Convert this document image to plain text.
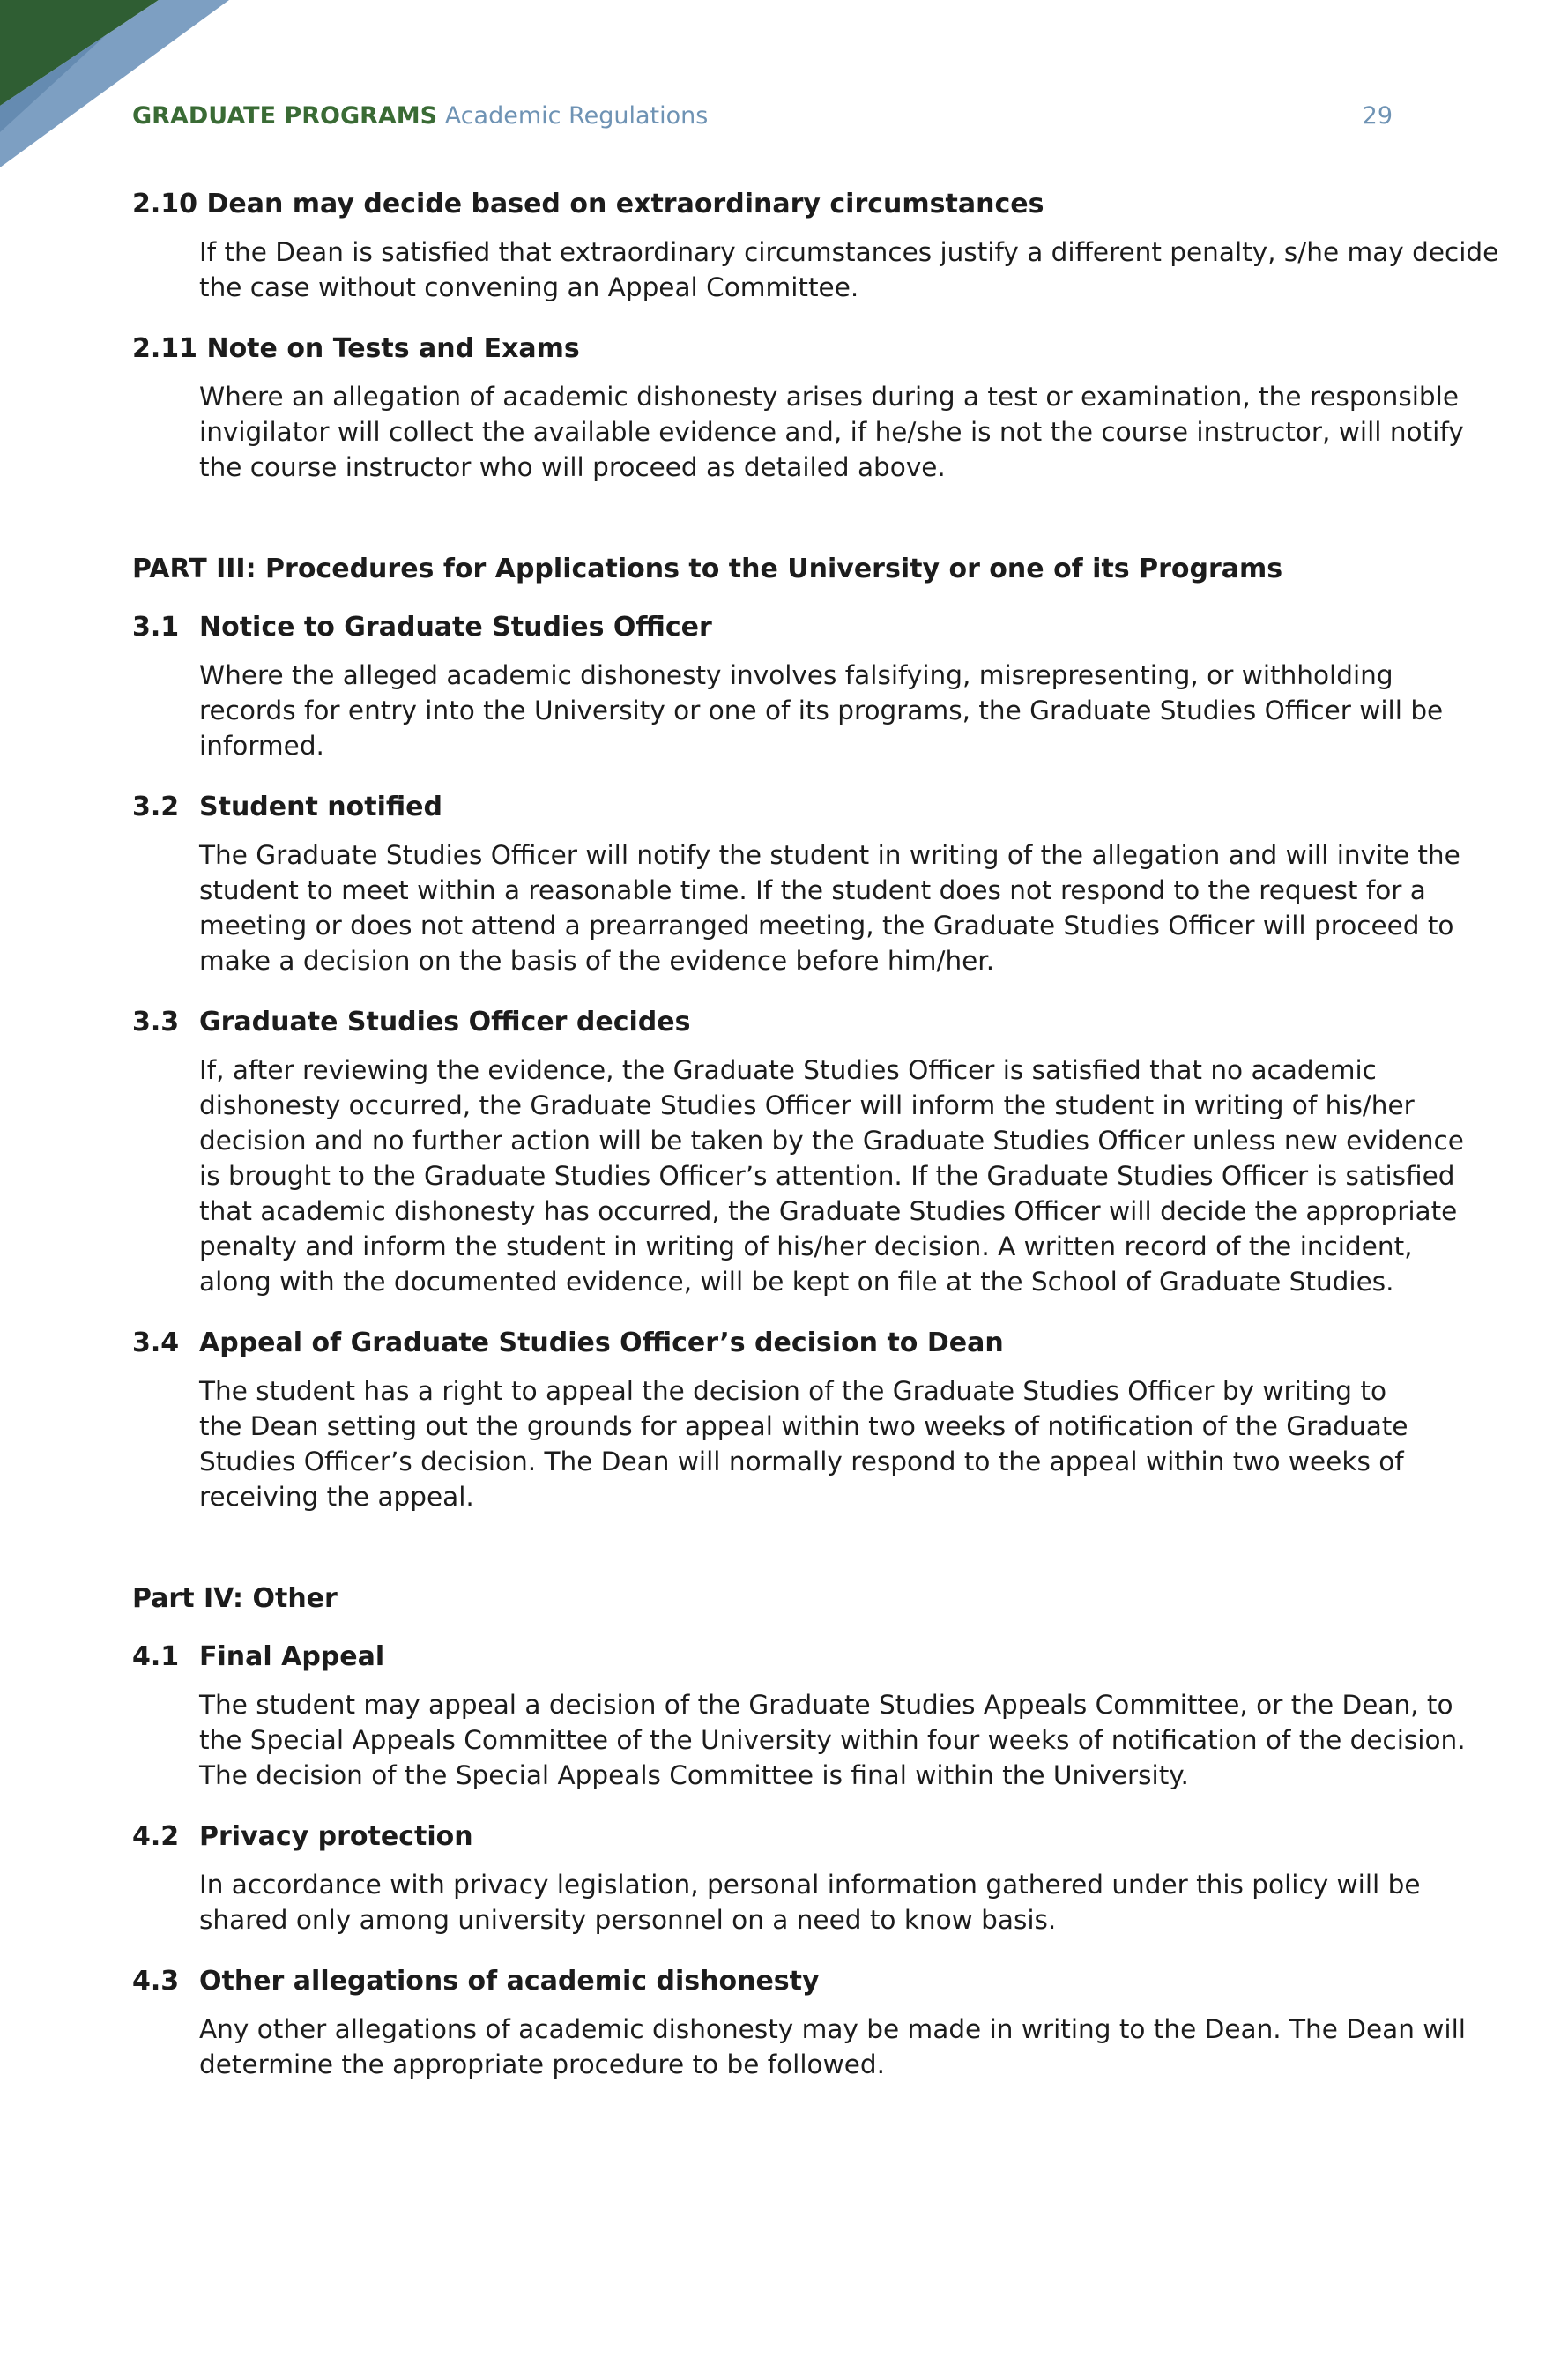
GRADUATE PROGRAMS Academic Regulations	29
2.10 Dean may decide based on extraordinary circumstances

If the Dean is satisfied that extraordinary circumstances justify a different penalty, s/he may decide

the case without convening an Appeal Committee.

2.11 Note on Tests and Exams

Where an allegation of academic dishonesty arises during a test or examination, the responsible

invigilator will collect the available evidence and, if he/she is not the course instructor, will notify

the course instructor who will proceed as detailed above.

PART III: Procedures for Applications to the University or one of its Programs
3.1 Notice to Graduate Studies Officer

Where the alleged academic dishonesty involves falsifying, misrepresenting, or withholding

records for entry into the University or one of its programs, the Graduate Studies Officer will be

informed.

3.2 Student notified

The Graduate Studies Officer will notify the student in writing of the allegation and will invite the

student to meet within a reasonable time. If the student does not respond to the request for a

meeting or does not attend a prearranged meeting, the Graduate Studies Officer will proceed to

make a decision on the basis of the evidence before him/her.

3.3 Graduate Studies Officer decides

If, after reviewing the evidence, the Graduate Studies Officer is satisfied that no academic

dishonesty occurred, the Graduate Studies Officer will inform the student in writing of his/her

decision and no further action will be taken by the Graduate Studies Officer unless new evidence

is brought to the Graduate Studies Officer’s attention. If the Graduate Studies Officer is satisfied

that academic dishonesty has occurred, the Graduate Studies Officer will decide the appropriate

penalty and inform the student in writing of his/her decision. A written record of the incident,

along with the documented evidence, will be kept on file at the School of Graduate Studies.

3.4 Appeal of Graduate Studies Officer’s decision to Dean

The student has a right to appeal the decision of the Graduate Studies Officer by writing to

the Dean setting out the grounds for appeal within two weeks of notification of the Graduate

Studies Officer’s decision. The Dean will normally respond to the appeal within two weeks of

receiving the appeal.

Part IV: Other
4.1 Final Appeal

The student may appeal a decision of the Graduate Studies Appeals Committee, or the Dean, to

the Special Appeals Committee of the University within four weeks of notification of the decision.

The decision of the Special Appeals Committee is final within the University.

4.2 Privacy protection

In accordance with privacy legislation, personal information gathered under this policy will be

shared only among university personnel on a need to know basis.

4.3 Other allegations of academic dishonesty

Any other allegations of academic dishonesty may be made in writing to the Dean. The Dean will

determine the appropriate procedure to be followed.
